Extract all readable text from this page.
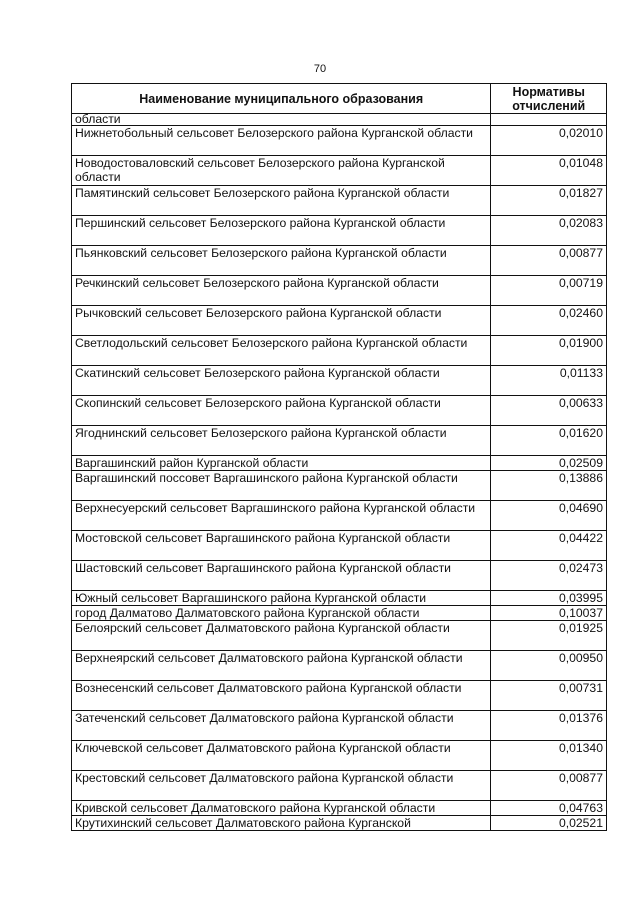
70
Наименование муниципального образования	Нормативы отчислений
области	
Нижнетобольный сельсовет Белозерского района Курганской области	0,02010
Новодостоваловский сельсовет Белозерского района Курганской области	0,01048
Памятинский сельсовет Белозерского района Курганской области	0,01827
Першинский сельсовет Белозерского района Курганской области	0,02083
Пьянковский сельсовет Белозерского района Курганской области	0,00877
Речкинский сельсовет Белозерского района Курганской области	0,00719
Рычковский сельсовет Белозерского района Курганской области	0,02460
Светлодольский сельсовет Белозерского района Курганской области	0,01900
Скатинский сельсовет Белозерского района Курганской области	0,01133
Скопинский сельсовет Белозерского района Курганской области	0,00633
Ягоднинский сельсовет Белозерского района Курганской области	0,01620
Варгашинский район Курганской области	0,02509
Варгашинский поссовет Варгашинского района Курганской области	0,13886
Верхнесуерский сельсовет Варгашинского района Курганской области	0,04690
Мостовской сельсовет Варгашинского района Курганской области	0,04422
Шастовский сельсовет Варгашинского района Курганской области	0,02473
Южный сельсовет Варгашинского района Курганской области	0,03995
город Далматово Далматовского района Курганской области	0,10037
Белоярский сельсовет Далматовского района Курганской области	0,01925
Верхнеярский сельсовет Далматовского района Курганской области	0,00950
Вознесенский сельсовет Далматовского района Курганской области	0,00731
Затеченский сельсовет Далматовского района Курганской области	0,01376
Ключевской сельсовет Далматовского района Курганской области	0,01340
Крестовский сельсовет Далматовского района Курганской области	0,00877
Кривской сельсовет Далматовского района Курганской области	0,04763
Крутихинский сельсовет Далматовского района Курганской	0,02521
